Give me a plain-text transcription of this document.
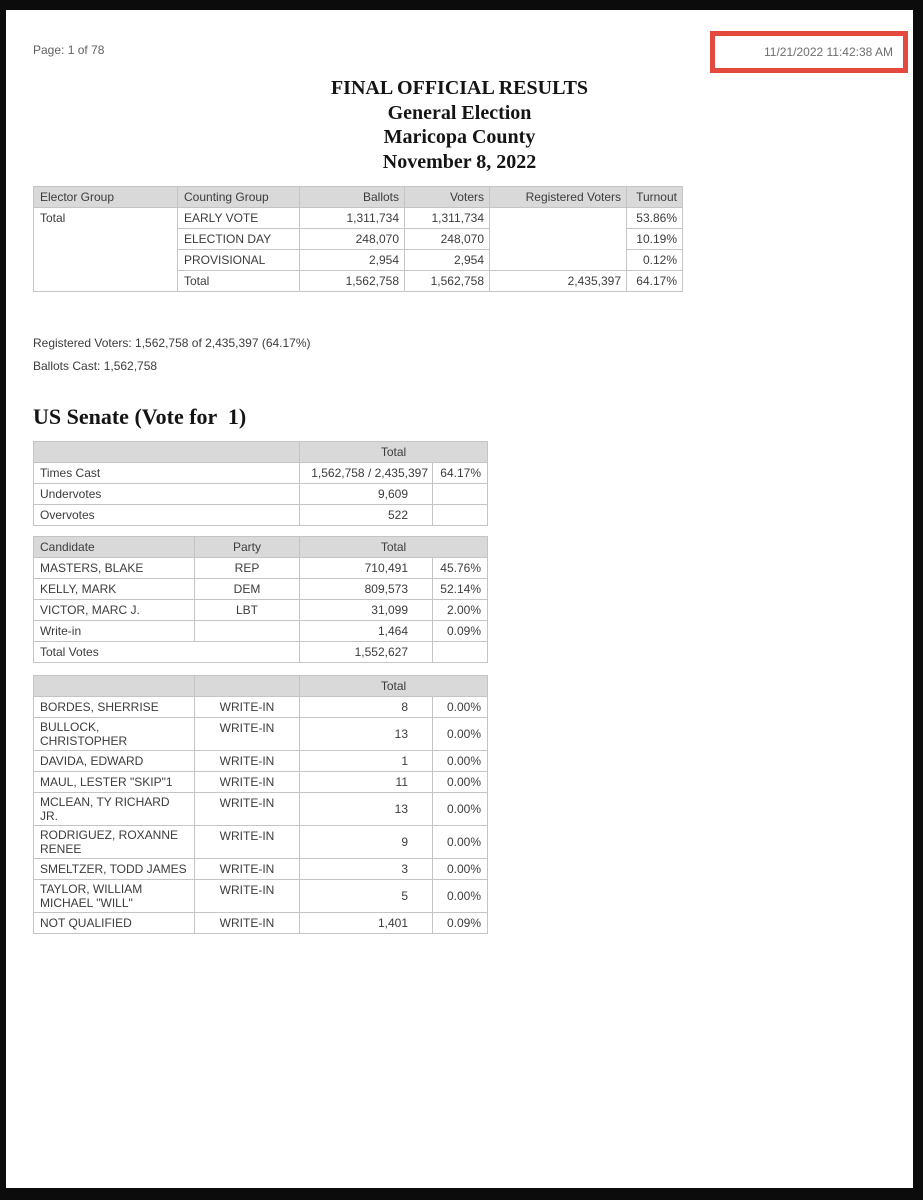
Page: 1 of 78	11/21/2022 11:42:38 AM
FINAL OFFICIAL RESULTS
General Election
Maricopa County
November 8, 2022
Elector Group	Counting Group	Ballots	Voters	Registered Voters	Turnout
Total	EARLY VOTE	1,311,734	1,311,734		53.86%
	ELECTION DAY	248,070	248,070		10.19%
	PROVISIONAL	2,954	2,954		0.12%
	Total	1,562,758	1,562,758	2,435,397	64.17%
Registered Voters: 1,562,758 of 2,435,397 (64.17%)
Ballots Cast: 1,562,758
US Senate (Vote for  1)
	Total	
Times Cast	1,562,758 / 2,435,397	64.17%
Undervotes	9,609	
Overvotes	522	
Candidate	Party	Total	
MASTERS, BLAKE	REP	710,491	45.76%
KELLY, MARK	DEM	809,573	52.14%
VICTOR, MARC J.	LBT	31,099	2.00%
Write-in		1,464	0.09%
Total Votes		1,552,627	
		Total	
BORDES, SHERRISE	WRITE-IN	8	0.00%
BULLOCK, CHRISTOPHER	WRITE-IN	13	0.00%
DAVIDA, EDWARD	WRITE-IN	1	0.00%
MAUL, LESTER "SKIP"1	WRITE-IN	11	0.00%
MCLEAN, TY RICHARD JR.	WRITE-IN	13	0.00%
RODRIGUEZ, ROXANNE RENEE	WRITE-IN	9	0.00%
SMELTZER, TODD JAMES	WRITE-IN	3	0.00%
TAYLOR, WILLIAM MICHAEL "WILL"	WRITE-IN	5	0.00%
NOT QUALIFIED	WRITE-IN	1,401	0.09%
